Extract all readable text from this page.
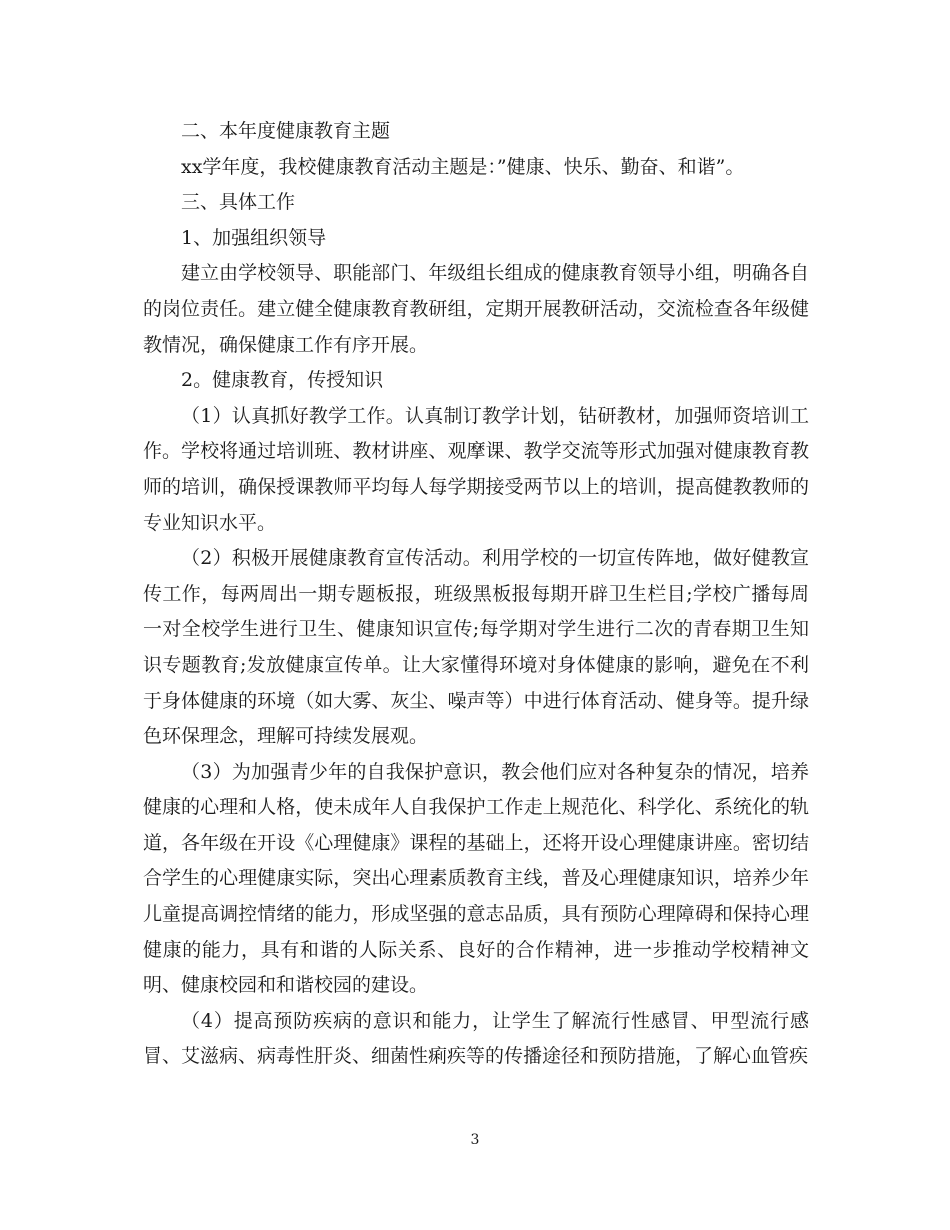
二、本年度健康教育主题

xx学年度，我校健康教育活动主题是：”健康、快乐、勤奋、和谐”。

三、具体工作

1、加强组织领导

建立由学校领导、职能部门、年级组长组成的健康教育领导小组，明确各自的岗位责任。建立健全健康教育教研组，定期开展教研活动，交流检查各年级健教情况，确保健康工作有序开展。

2。健康教育，传授知识

（1）认真抓好教学工作。认真制订教学计划，钻研教材，加强师资培训工作。学校将通过培训班、教材讲座、观摩课、教学交流等形式加强对健康教育教师的培训，确保授课教师平均每人每学期接受两节以上的培训，提高健教教师的专业知识水平。

（2）积极开展健康教育宣传活动。利用学校的一切宣传阵地，做好健教宣传工作，每两周出一期专题板报，班级黑板报每期开辟卫生栏目;学校广播每周一对全校学生进行卫生、健康知识宣传;每学期对学生进行二次的青春期卫生知识专题教育;发放健康宣传单。让大家懂得环境对身体健康的影响，避免在不利于身体健康的环境（如大雾、灰尘、噪声等）中进行体育活动、健身等。提升绿色环保理念，理解可持续发展观。

（3）为加强青少年的自我保护意识，教会他们应对各种复杂的情况，培养健康的心理和人格，使未成年人自我保护工作走上规范化、科学化、系统化的轨道，各年级在开设《心理健康》课程的基础上，还将开设心理健康讲座。密切结合学生的心理健康实际，突出心理素质教育主线，普及心理健康知识，培养少年儿童提高调控情绪的能力，形成坚强的意志品质，具有预防心理障碍和保持心理健康的能力，具有和谐的人际关系、良好的合作精神，进一步推动学校精神文明、健康校园和和谐校园的建设。

（4）提高预防疾病的意识和能力，让学生了解流行性感冒、甲型流行感冒、艾滋病、病毒性肝炎、细菌性痢疾等的传播途径和预防措施，了解心血管疾

3
